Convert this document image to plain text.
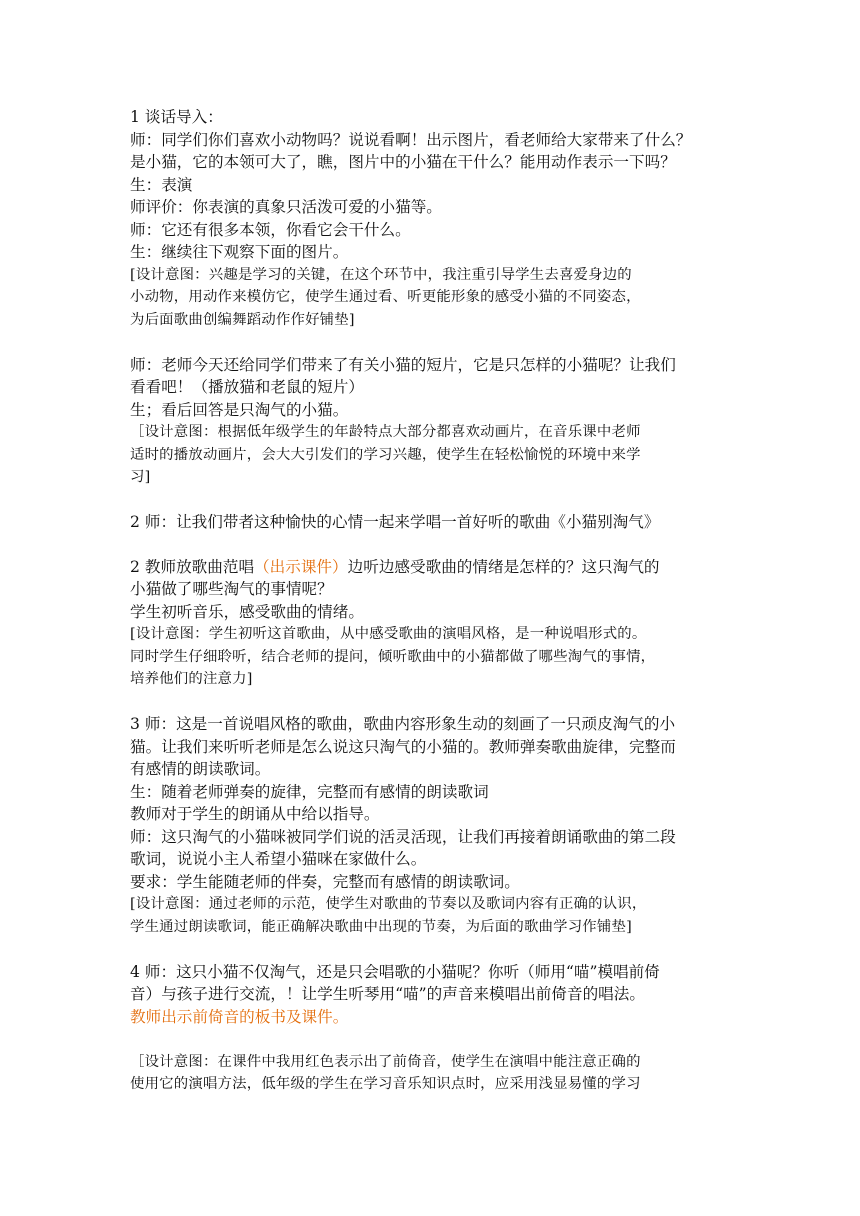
1 谈话导入：
师：同学们你们喜欢小动物吗？说说看啊！出示图片，看老师给大家带来了什么？
是小猫，它的本领可大了，瞧，图片中的小猫在干什么？能用动作表示一下吗？
生：表演
师评价：你表演的真象只活泼可爱的小猫等。
师：它还有很多本领，你看它会干什么。
生：继续往下观察下面的图片。
[设计意图：兴趣是学习的关键，在这个环节中，我注重引导学生去喜爱身边的
小动物，用动作来模仿它，使学生通过看、听更能形象的感受小猫的不同姿态，
为后面歌曲创编舞蹈动作作好铺垫]
师：老师今天还给同学们带来了有关小猫的短片，它是只怎样的小猫呢？让我们
看看吧！（播放猫和老鼠的短片）
生；看后回答是只淘气的小猫。
［设计意图：根据低年级学生的年龄特点大部分都喜欢动画片，在音乐课中老师
适时的播放动画片，会大大引发们的学习兴趣，使学生在轻松愉悦的环境中来学
习]
2 师：让我们带者这种愉快的心情一起来学唱一首好听的歌曲《小猫别淘气》
2 教师放歌曲范唱（出示课件）边听边感受歌曲的情绪是怎样的？这只淘气的
小猫做了哪些淘气的事情呢？
学生初听音乐，感受歌曲的情绪。
[设计意图：学生初听这首歌曲，从中感受歌曲的演唱风格，是一种说唱形式的。
同时学生仔细聆听，结合老师的提问，倾听歌曲中的小猫都做了哪些淘气的事情，
培养他们的注意力]
3 师：这是一首说唱风格的歌曲，歌曲内容形象生动的刻画了一只顽皮淘气的小
猫。让我们来听听老师是怎么说这只淘气的小猫的。教师弹奏歌曲旋律，完整而
有感情的朗读歌词。
生：随着老师弹奏的旋律，完整而有感情的朗读歌词
教师对于学生的朗诵从中给以指导。
师：这只淘气的小猫咪被同学们说的活灵活现，让我们再接着朗诵歌曲的第二段
歌词，说说小主人希望小猫咪在家做什么。
要求：学生能随老师的伴奏，完整而有感情的朗读歌词。
[设计意图：通过老师的示范，使学生对歌曲的节奏以及歌词内容有正确的认识，
学生通过朗读歌词，能正确解决歌曲中出现的节奏，为后面的歌曲学习作铺垫]
4 师：这只小猫不仅淘气，还是只会唱歌的小猫呢？你听（师用“喵”模唱前倚
音）与孩子进行交流，！让学生听琴用“喵”的声音来模唱出前倚音的唱法。
教师出示前倚音的板书及课件。
［设计意图：在课件中我用红色表示出了前倚音，使学生在演唱中能注意正确的
使用它的演唱方法，低年级的学生在学习音乐知识点时，应采用浅显易懂的学习
